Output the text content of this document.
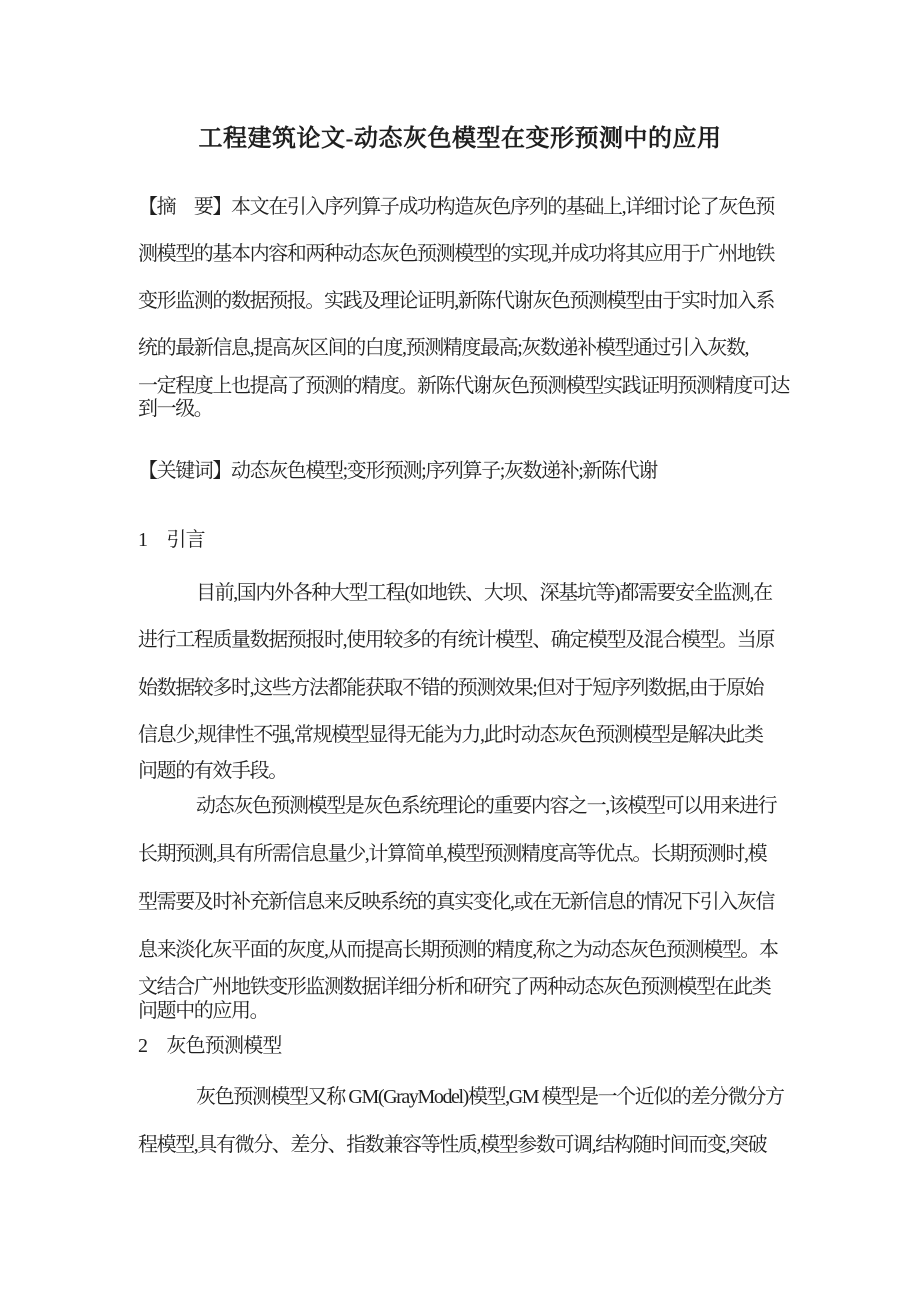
工程建筑论文-动态灰色模型在变形预测中的应用
【摘　要】本文在引入序列算子成功构造灰色序列的基础上,详细讨论了灰色预
测模型的基本内容和两种动态灰色预测模型的实现,并成功将其应用于广州地铁
变形监测的数据预报。实践及理论证明,新陈代谢灰色预测模型由于实时加入系
统的最新信息,提高灰区间的白度,预测精度最高;灰数递补模型通过引入灰数,
一定程度上也提高了预测的精度。新陈代谢灰色预测模型实践证明预测精度可达
到一级。
【关键词】动态灰色模型;变形预测;序列算子;灰数递补;新陈代谢
1　引言
目前,国内外各种大型工程(如地铁、大坝、深基坑等)都需要安全监测,在
进行工程质量数据预报时,使用较多的有统计模型、确定模型及混合模型。当原
始数据较多时,这些方法都能获取不错的预测效果;但对于短序列数据,由于原始
信息少,规律性不强,常规模型显得无能为力,此时动态灰色预测模型是解决此类
问题的有效手段。
动态灰色预测模型是灰色系统理论的重要内容之一,该模型可以用来进行
长期预测,具有所需信息量少,计算简单,模型预测精度高等优点。长期预测时,模
型需要及时补充新信息来反映系统的真实变化,或在无新信息的情况下引入灰信
息来淡化灰平面的灰度,从而提高长期预测的精度,称之为动态灰色预测模型。本
文结合广州地铁变形监测数据详细分析和研究了两种动态灰色预测模型在此类
问题中的应用。
2　灰色预测模型
灰色预测模型又称 GM(GrayModel)模型,GM 模型是一个近似的差分微分方
程模型,具有微分、差分、指数兼容等性质,模型参数可调,结构随时间而变,突破
